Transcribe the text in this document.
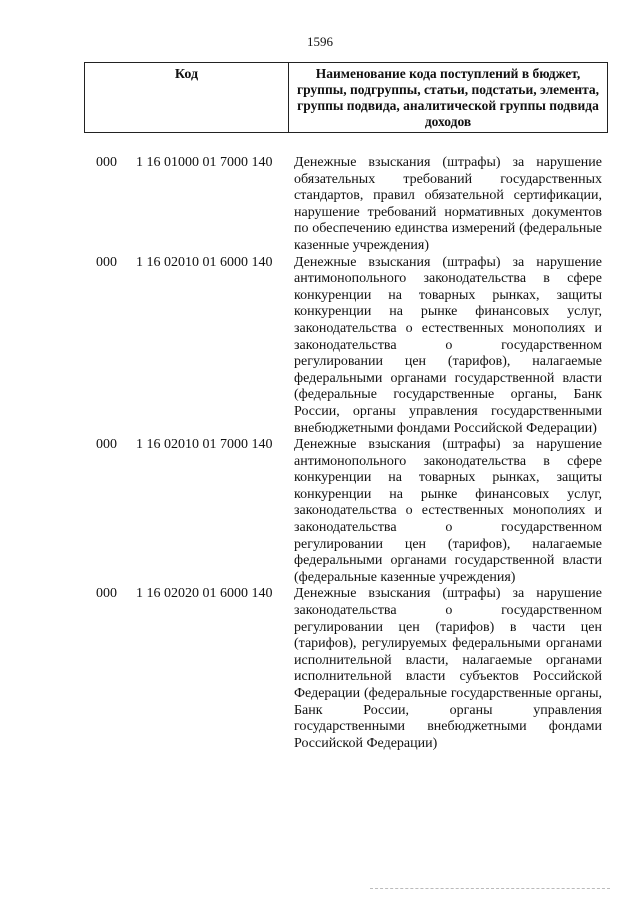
1596
Код	Наименование кода поступлений в бюджет, группы, подгруппы, статьи, подстатьи, элемента, группы подвида, аналитической группы подвида доходов
000 1 16 01000 01 7000 140 Денежные взыскания (штрафы) за нарушение обязательных требований государственных стандартов, правил обязательной сертификации, нарушение требований нормативных документов по обеспечению единства измерений (федеральные казенные учреждения)
000 1 16 02010 01 6000 140 Денежные взыскания (штрафы) за нарушение антимонопольного законодательства в сфере конкуренции на товарных рынках, защиты конкуренции на рынке финансовых услуг, законодательства о естественных монополиях и законодательства о государственном регулировании цен (тарифов), налагаемые федеральными органами государственной власти (федеральные государственные органы, Банк России, органы управления государственными внебюджетными фондами Российской Федерации)
000 1 16 02010 01 7000 140 Денежные взыскания (штрафы) за нарушение антимонопольного законодательства в сфере конкуренции на товарных рынках, защиты конкуренции на рынке финансовых услуг, законодательства о естественных монополиях и законодательства о государственном регулировании цен (тарифов), налагаемые федеральными органами государственной власти (федеральные казенные учреждения)
000 1 16 02020 01 6000 140 Денежные взыскания (штрафы) за нарушение законодательства о государственном регулировании цен (тарифов) в части цен (тарифов), регулируемых федеральными органами исполнительной власти, налагаемые органами исполнительной власти субъектов Российской Федерации (федеральные государственные органы, Банк России, органы управления государственными внебюджетными фондами Российской Федерации)
